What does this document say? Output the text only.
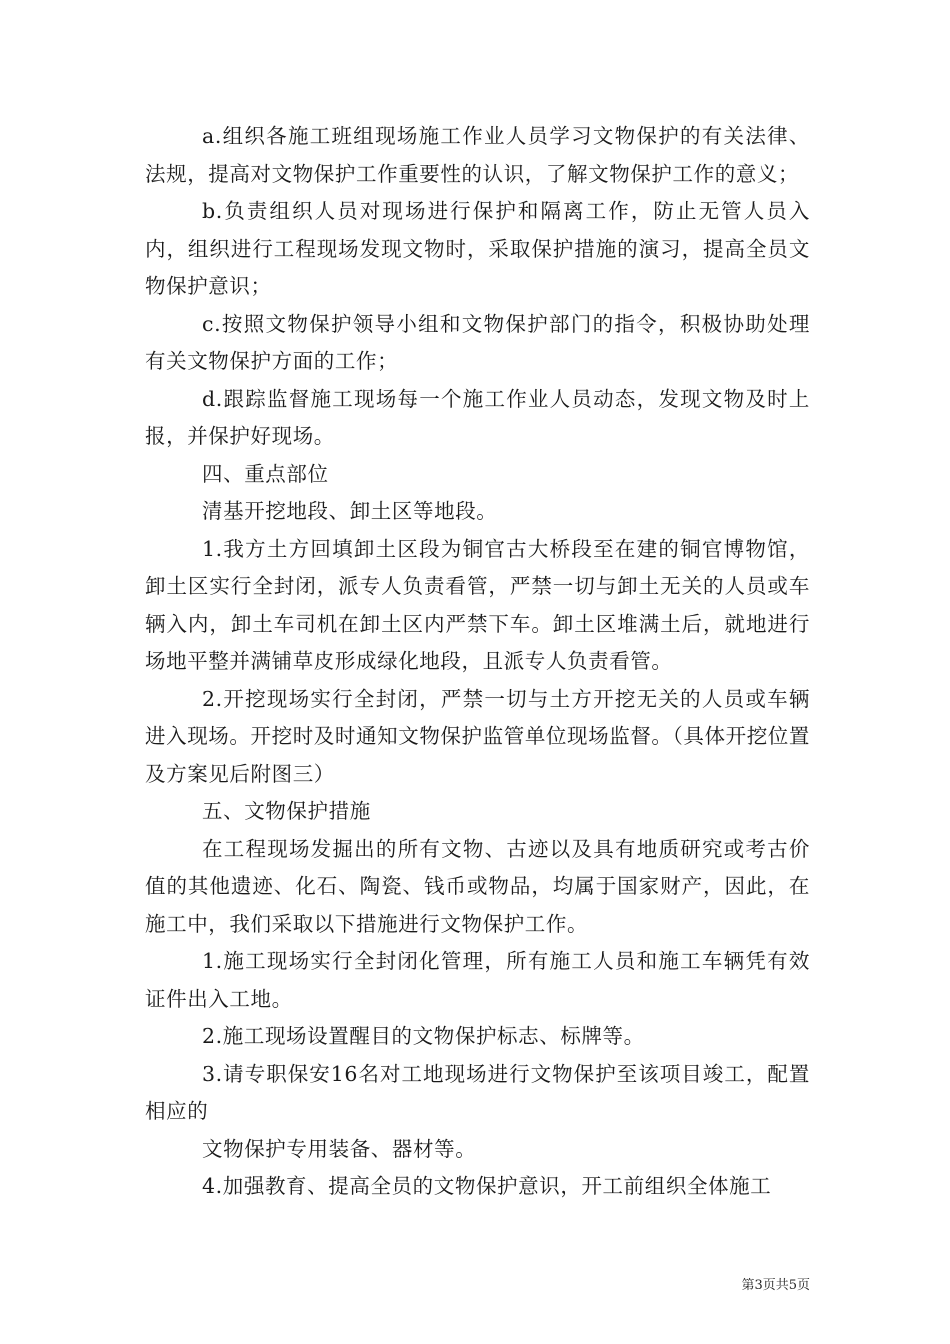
a.组织各施工班组现场施工作业人员学习文物保护的有关法律、法规，提高对文物保护工作重要性的认识，了解文物保护工作的意义；

b.负责组织人员对现场进行保护和隔离工作，防止无管人员入内，组织进行工程现场发现文物时，采取保护措施的演习，提高全员文物保护意识；

c.按照文物保护领导小组和文物保护部门的指令，积极协助处理有关文物保护方面的工作；

d.跟踪监督施工现场每一个施工作业人员动态，发现文物及时上报，并保护好现场。

四、重点部位

清基开挖地段、卸土区等地段。

1.我方土方回填卸土区段为铜官古大桥段至在建的铜官博物馆，卸土区实行全封闭，派专人负责看管，严禁一切与卸土无关的人员或车辆入内，卸土车司机在卸土区内严禁下车。卸土区堆满土后，就地进行场地平整并满铺草皮形成绿化地段，且派专人负责看管。

2.开挖现场实行全封闭，严禁一切与土方开挖无关的人员或车辆进入现场。开挖时及时通知文物保护监管单位现场监督。（具体开挖位置及方案见后附图三）

五、文物保护措施

在工程现场发掘出的所有文物、古迹以及具有地质研究或考古价值的其他遗迹、化石、陶瓷、钱币或物品，均属于国家财产，因此，在施工中，我们采取以下措施进行文物保护工作。

1.施工现场实行全封闭化管理，所有施工人员和施工车辆凭有效证件出入工地。

2.施工现场设置醒目的文物保护标志、标牌等。

3.请专职保安16名对工地现场进行文物保护至该项目竣工，配置相应的

文物保护专用装备、器材等。

4.加强教育、提高全员的文物保护意识，开工前组织全体施工

第3页共5页
